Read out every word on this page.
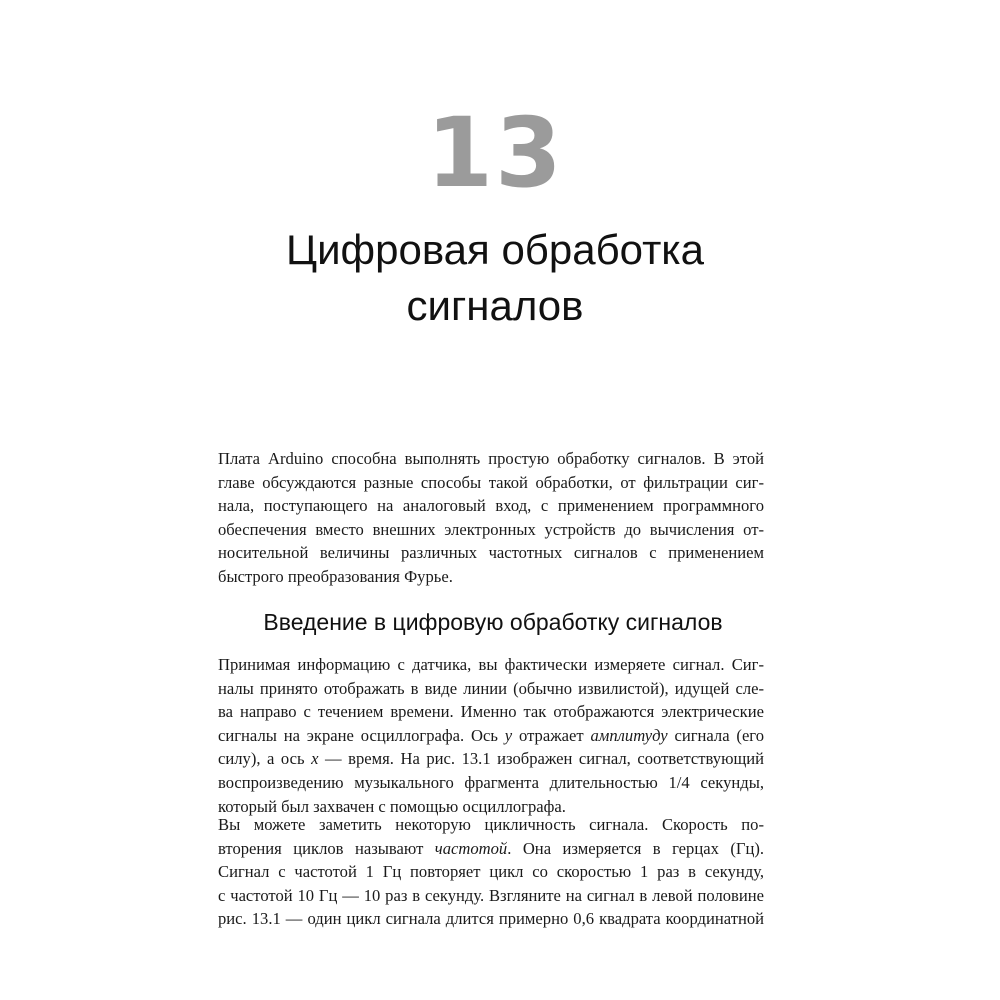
13
Цифровая обработка
сигналов
Плата Arduino способна выполнять простую обработку сигналов. В этой
главе обсуждаются разные способы такой обработки, от фильтрации сиг-
нала, поступающего на аналоговый вход, с применением программного
обеспечения вместо внешних электронных устройств до вычисления от-
носительной величины различных частотных сигналов с применением
быстрого преобразования Фурье.
Введение в цифровую обработку сигналов
Принимая информацию с датчика, вы фактически измеряете сигнал. Сиг-
налы принято отображать в виде линии (обычно извилистой), идущей сле-
ва направо с течением времени. Именно так отображаются электрические
сигналы на экране осциллографа. Ось y отражает амплитуду сигнала (его
силу), а ось x — время. На рис. 13.1 изображен сигнал, соответствующий
воспроизведению музыкального фрагмента длительностью 1/4 секунды,
который был захвачен с помощью осциллографа.
Вы можете заметить некоторую цикличность сигнала. Скорость по-
вторения циклов называют частотой. Она измеряется в герцах (Гц).
Сигнал с частотой 1 Гц повторяет цикл со скоростью 1 раз в секунду,
с частотой 10 Гц — 10 раз в секунду. Взгляните на сигнал в левой половине
рис. 13.1 — один цикл сигнала длится примерно 0,6 квадрата координатной
